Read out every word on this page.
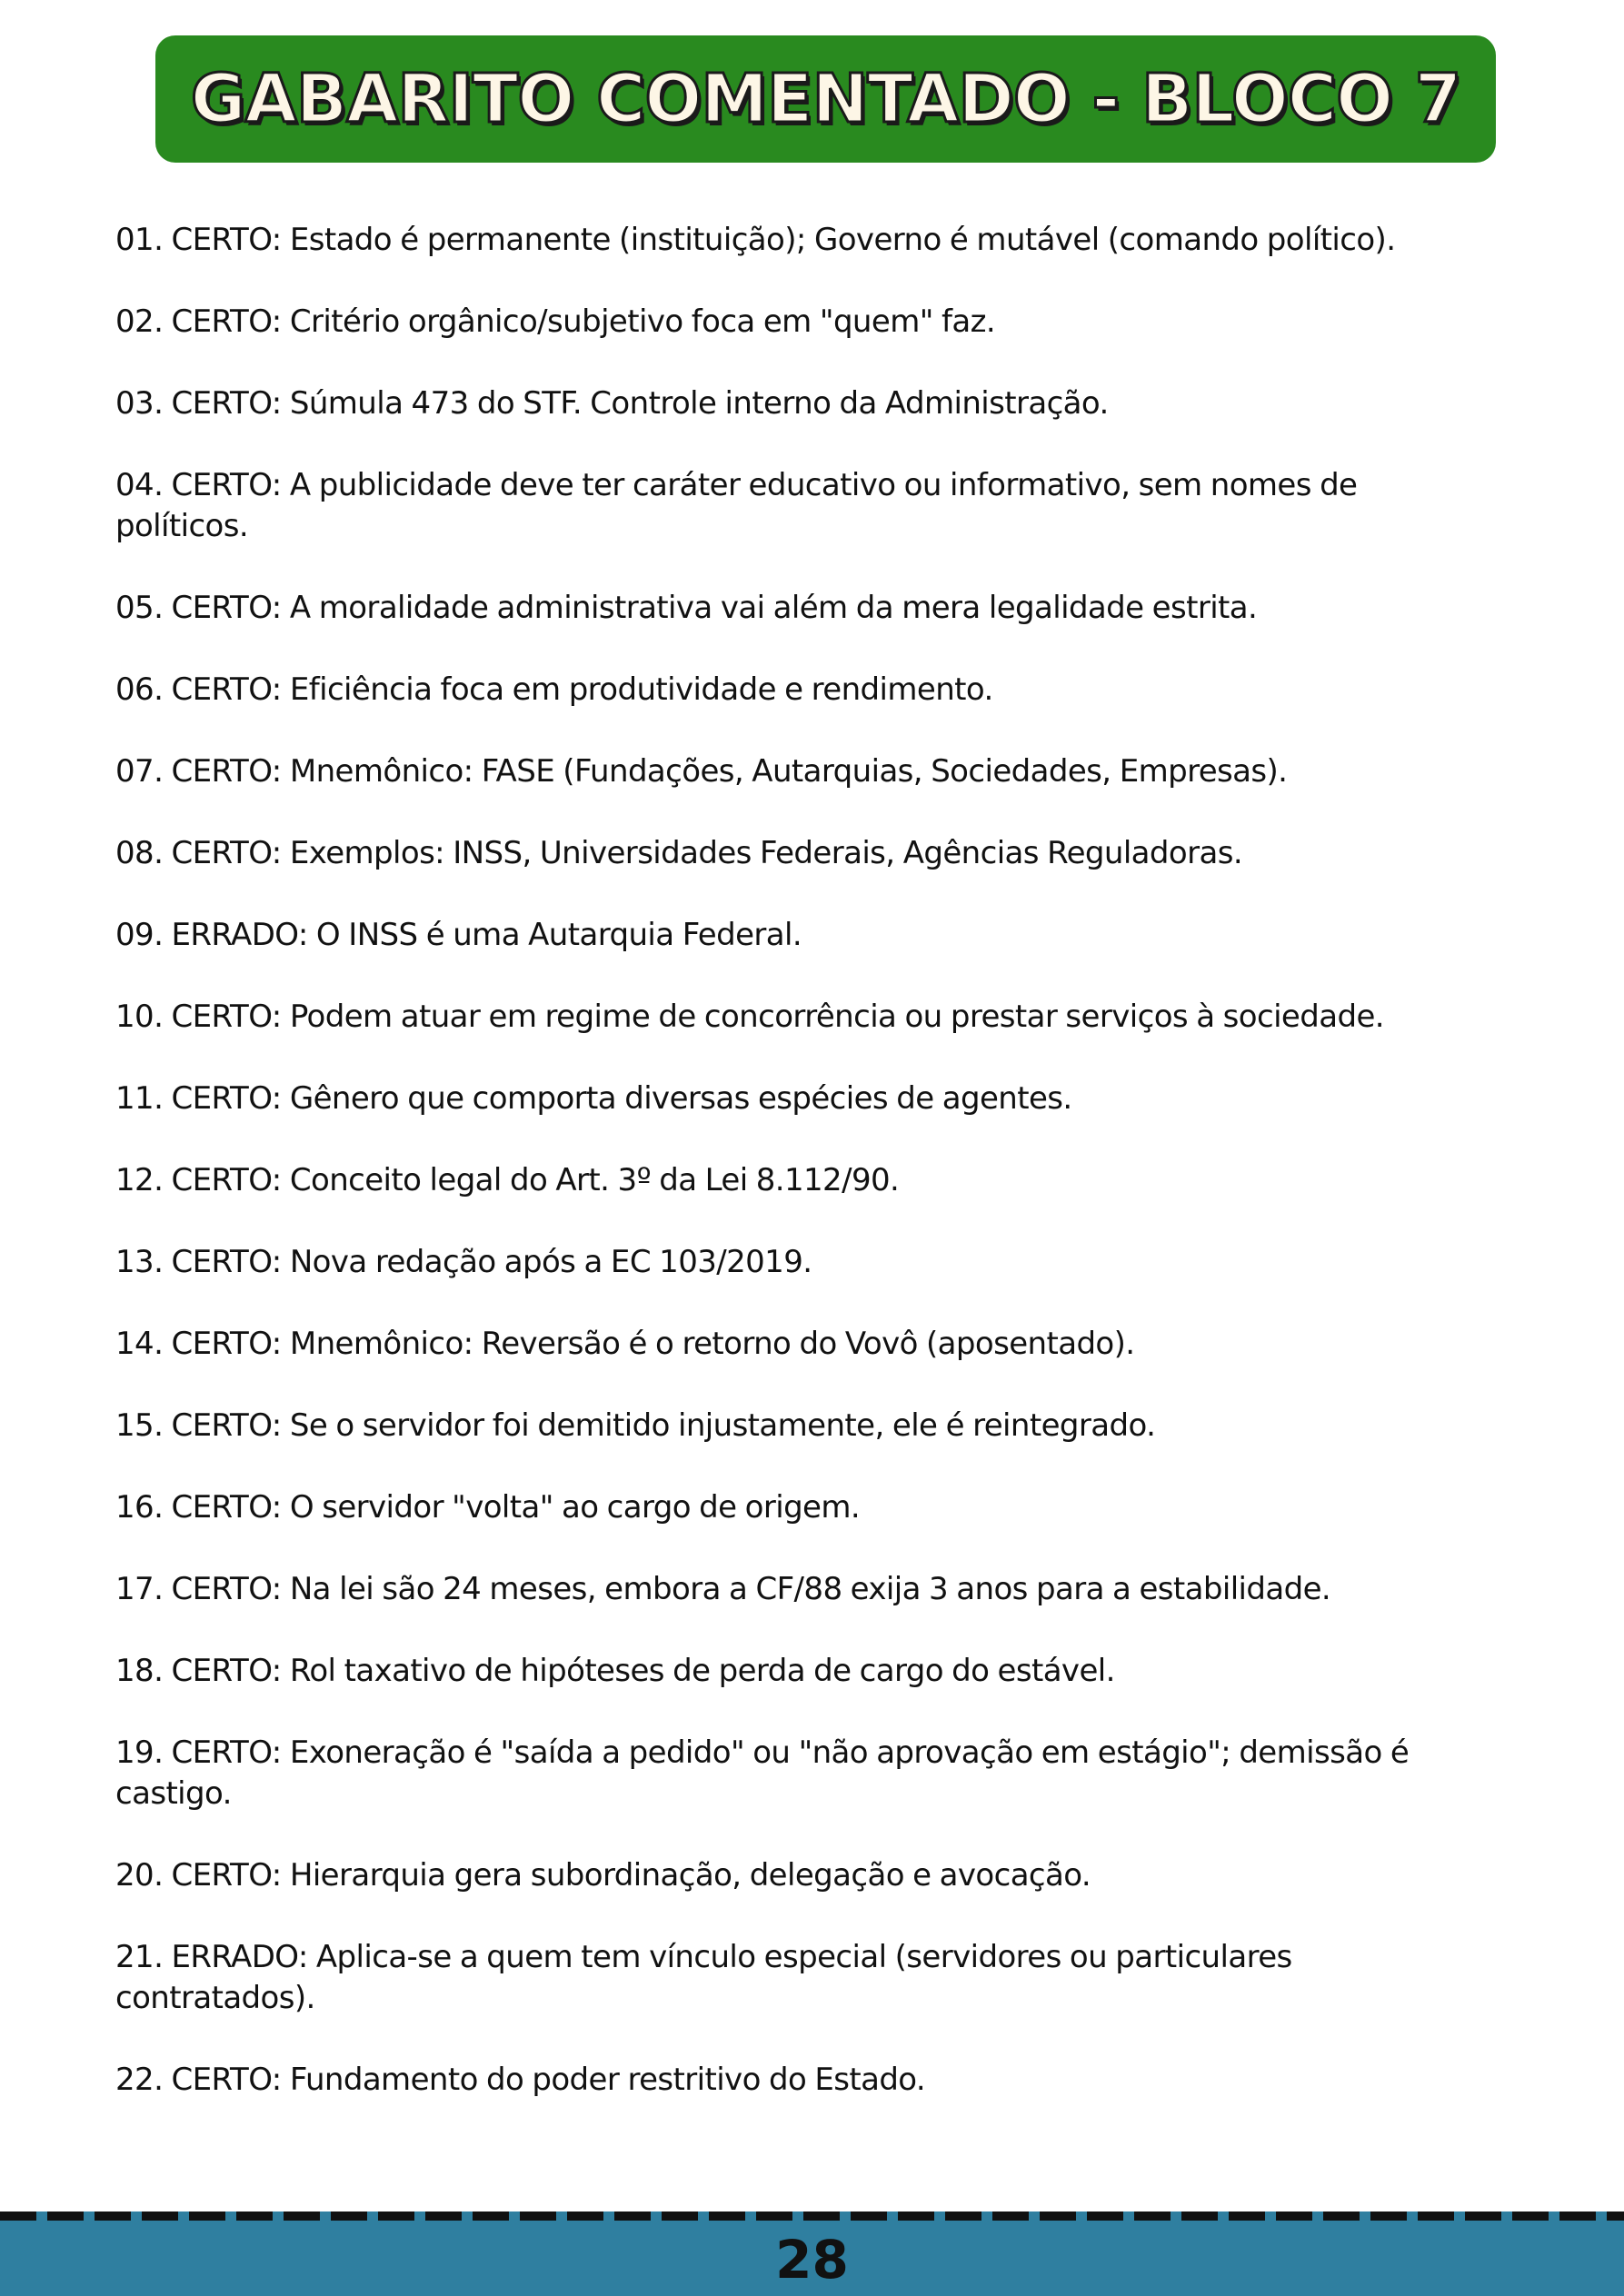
GABARITO COMENTADO - BLOCO 7
01. CERTO: Estado é permanente (instituição); Governo é mutável (comando político).
02. CERTO: Critério orgânico/subjetivo foca em "quem" faz.
03. CERTO: Súmula 473 do STF. Controle interno da Administração.
04. CERTO: A publicidade deve ter caráter educativo ou informativo, sem nomes de políticos.
05. CERTO: A moralidade administrativa vai além da mera legalidade estrita.
06. CERTO: Eficiência foca em produtividade e rendimento.
07. CERTO: Mnemônico: FASE (Fundações, Autarquias, Sociedades, Empresas).
08. CERTO: Exemplos: INSS, Universidades Federais, Agências Reguladoras.
09. ERRADO: O INSS é uma Autarquia Federal.
10. CERTO: Podem atuar em regime de concorrência ou prestar serviços à sociedade.
11. CERTO: Gênero que comporta diversas espécies de agentes.
12. CERTO: Conceito legal do Art. 3º da Lei 8.112/90.
13. CERTO: Nova redação após a EC 103/2019.
14. CERTO: Mnemônico: Reversão é o retorno do Vovô (aposentado).
15. CERTO: Se o servidor foi demitido injustamente, ele é reintegrado.
16. CERTO: O servidor "volta" ao cargo de origem.
17. CERTO: Na lei são 24 meses, embora a CF/88 exija 3 anos para a estabilidade.
18. CERTO: Rol taxativo de hipóteses de perda de cargo do estável.
19. CERTO: Exoneração é "saída a pedido" ou "não aprovação em estágio"; demissão é castigo.
20. CERTO: Hierarquia gera subordinação, delegação e avocação.
21. ERRADO: Aplica-se a quem tem vínculo especial (servidores ou particulares contratados).
22. CERTO: Fundamento do poder restritivo do Estado.
28
